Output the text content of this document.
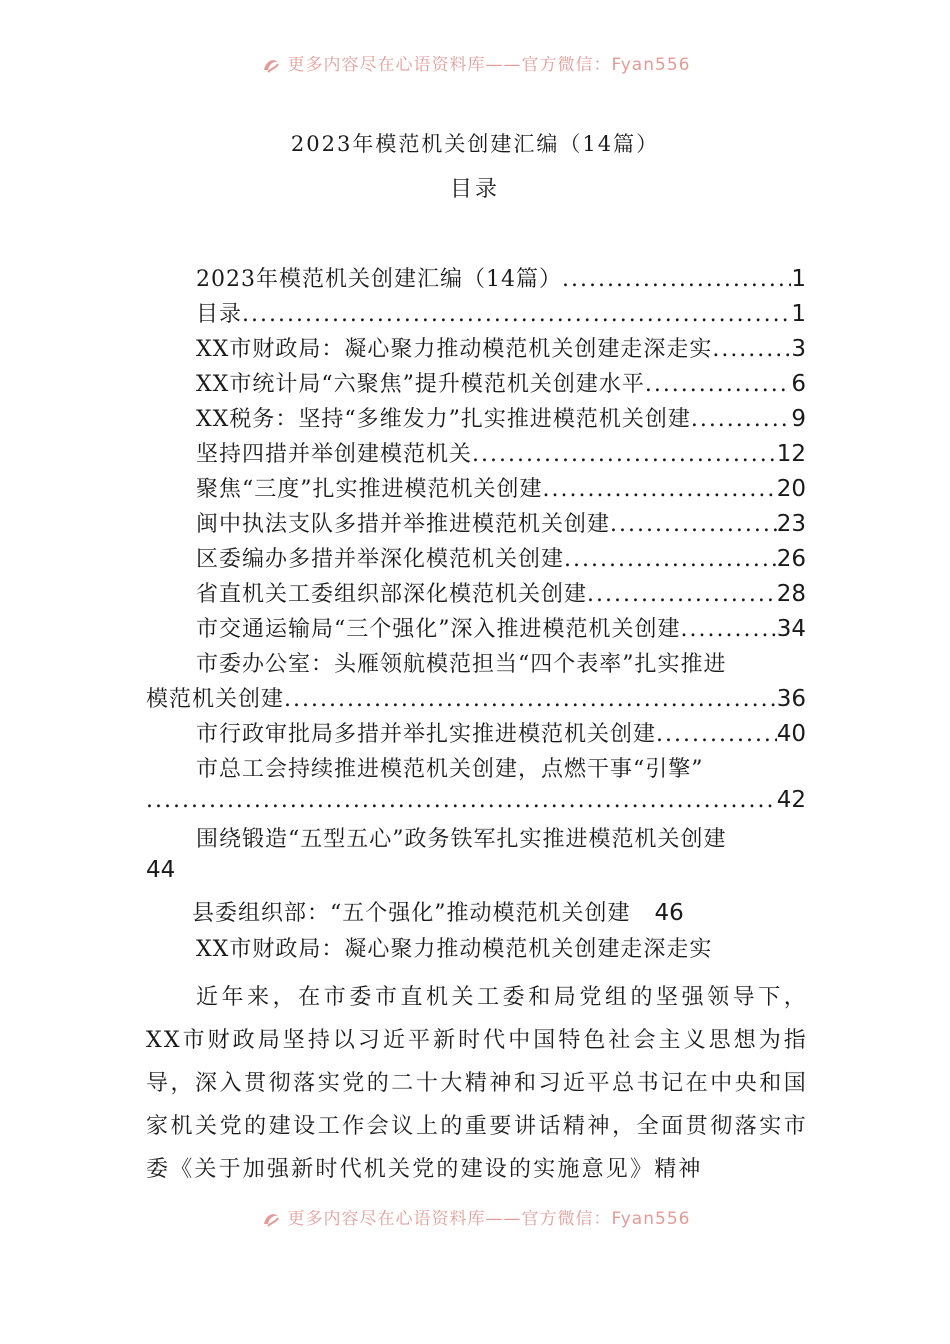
更多内容尽在心语资料库——官方微信：Fyan556
2023年模范机关创建汇编（14篇）
目录
2023年模范机关创建汇编（14篇） .....	1
目录 .....	1
XX市财政局：凝心聚力推动模范机关创建走深走实 .....	3
XX市统计局“六聚焦”提升模范机关创建水平 .....	6
XX税务：坚持“多维发力”扎实推进模范机关创建 .....	9
坚持四措并举创建模范机关 .....	12
聚焦“三度”扎实推进模范机关创建 .....	20
闽中执法支队多措并举推进模范机关创建 .....	23
区委编办多措并举深化模范机关创建 .....	26
省直机关工委组织部深化模范机关创建 .....	28
市交通运输局“三个强化”深入推进模范机关创建 .....	34
市委办公室：头雁领航模范担当“四个表率”扎实推进
模范机关创建 .....	36
市行政审批局多措并举扎实推进模范机关创建 .....	40
市总工会持续推进模范机关创建，点燃干事“引擎”
.....
42
围绕锻造“五型五心”政务铁军扎实推进模范机关创建
44
县委组织部：“五个强化”推动模范机关创建 46
XX市财政局：凝心聚力推动模范机关创建走深走实
近年来，在市委市直机关工委和局党组的坚强领导下，XX市财政局坚持以习近平新时代中国特色社会主义思想为指导，深入贯彻落实党的二十大精神和习近平总书记在中央和国家机关党的建设工作会议上的重要讲话精神，全面贯彻落实市委《关于加强新时代机关党的建设的实施意见》精神
更多内容尽在心语资料库——官方微信：Fyan556
